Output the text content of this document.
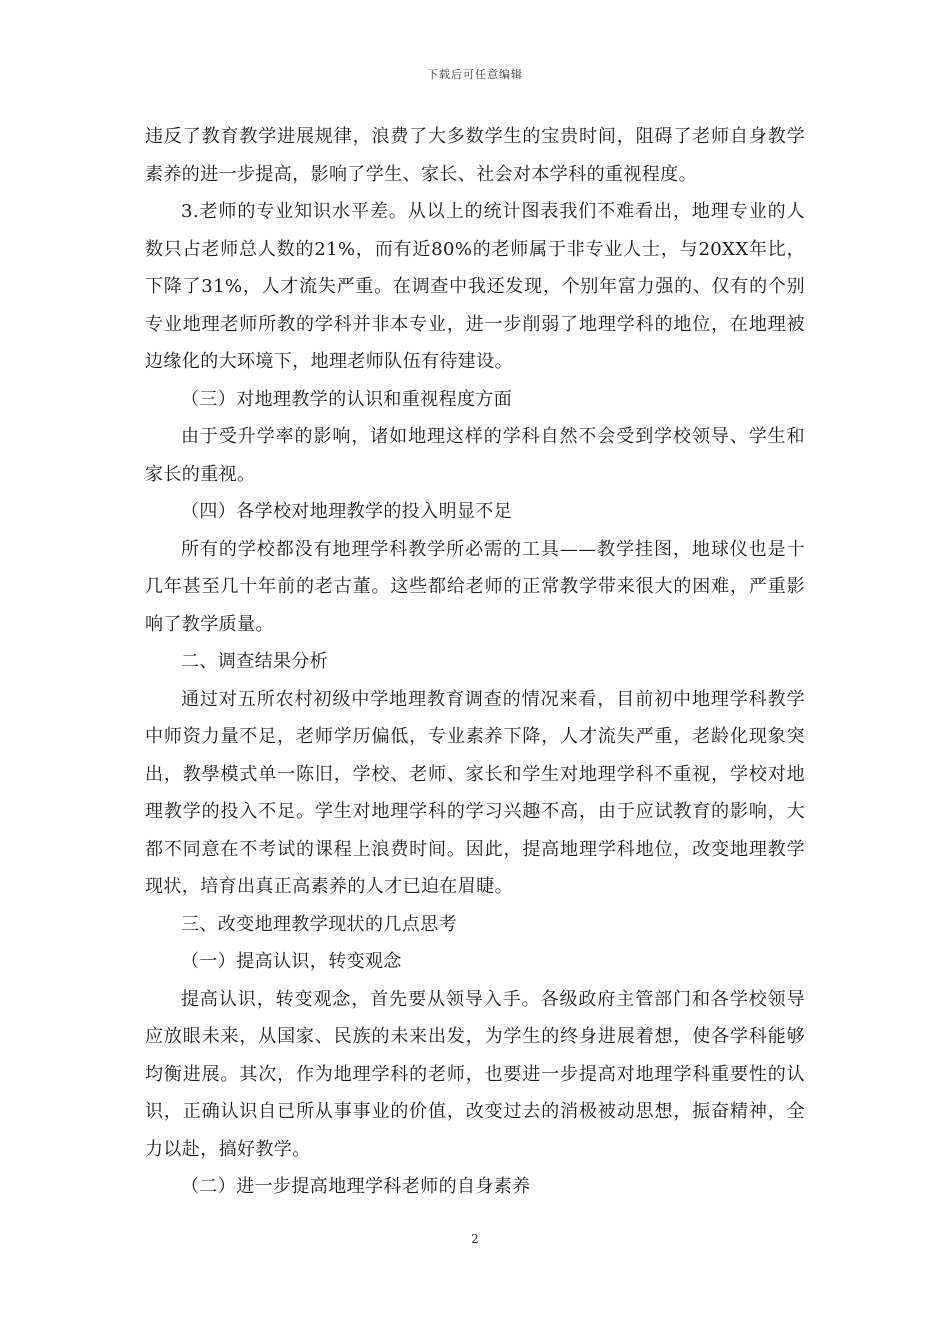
下载后可任意编辑

违反了教育教学进展规律，浪费了大多数学生的宝贵时间，阻碍了老师自身教学素养的进一步提高，影响了学生、家长、社会对本学科的重视程度。

3.老师的专业知识水平差。从以上的统计图表我们不难看出，地理专业的人数只占老师总人数的21%，而有近80%的老师属于非专业人士，与20XX年比，下降了31%，人才流失严重。在调查中我还发现，个别年富力强的、仅有的个别专业地理老师所教的学科并非本专业，进一步削弱了地理学科的地位，在地理被边缘化的大环境下，地理老师队伍有待建设。

（三）对地理教学的认识和重视程度方面

由于受升学率的影响，诸如地理这样的学科自然不会受到学校领导、学生和家长的重视。

（四）各学校对地理教学的投入明显不足

所有的学校都没有地理学科教学所必需的工具——教学挂图，地球仪也是十几年甚至几十年前的老古董。这些都给老师的正常教学带来很大的困难，严重影响了教学质量。

二、调查结果分析

通过对五所农村初级中学地理教育调查的情况来看，目前初中地理学科教学中师资力量不足，老师学历偏低，专业素养下降，人才流失严重，老龄化现象突出，教學模式单一陈旧，学校、老师、家长和学生对地理学科不重视，学校对地理教学的投入不足。学生对地理学科的学习兴趣不高，由于应试教育的影响，大都不同意在不考试的课程上浪费时间。因此，提高地理学科地位，改变地理教学现状，培育出真正高素养的人才已迫在眉睫。

三、改变地理教学现状的几点思考

（一）提高认识，转变观念

提高认识，转变观念，首先要从领导入手。各级政府主管部门和各学校领导应放眼未来，从国家、民族的未来出发，为学生的终身进展着想，使各学科能够均衡进展。其次，作为地理学科的老师，也要进一步提高对地理学科重要性的认识，正确认识自已所从事事业的价值，改变过去的消极被动思想，振奋精神，全力以赴，搞好教学。

（二）进一步提高地理学科老师的自身素养

2
